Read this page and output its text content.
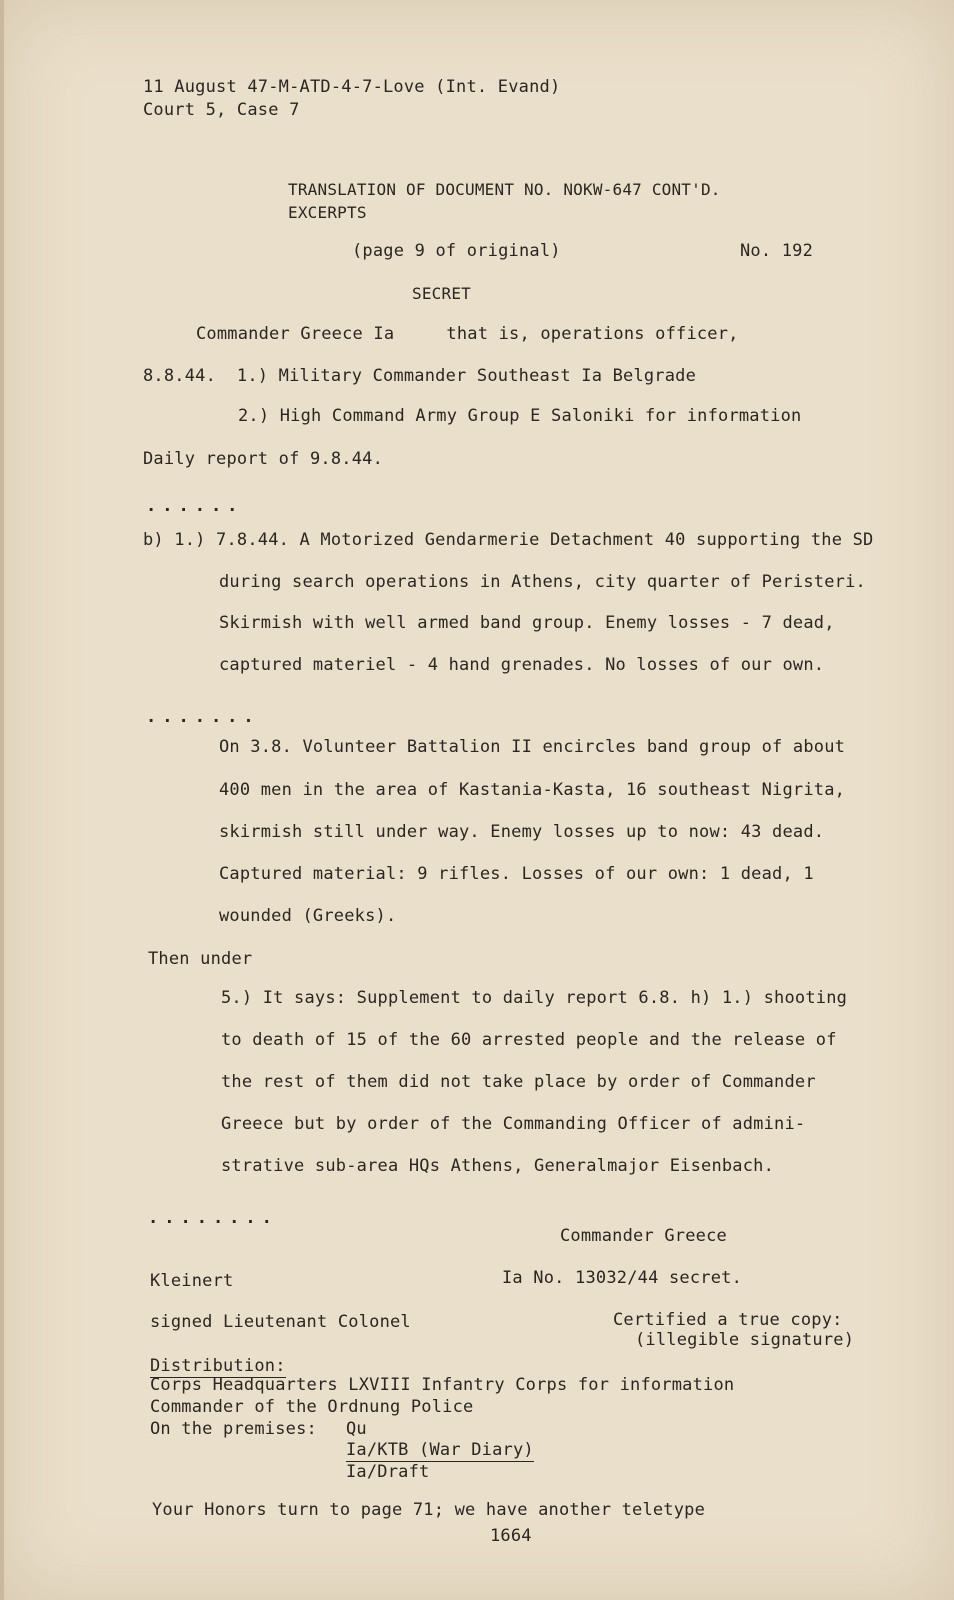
11 August 47-M-ATD-4-7-Love (Int. Evand)
Court 5, Case 7
TRANSLATION OF DOCUMENT NO. NOKW-647 CONT'D.
EXCERPTS
(page 9 of original)	No. 192
SECRET
Commander Greece Ia     that is, operations officer,
8.8.44.  1.) Military Commander Southeast Ia Belgrade
2.) High Command Army Group E Saloniki for information
Daily report of 9.8.44.
......
b) 1.) 7.8.44. A Motorized Gendarmerie Detachment 40 supporting the SD
during search operations in Athens, city quarter of Peristeri.
Skirmish with well armed band group. Enemy losses - 7 dead,
captured materiel - 4 hand grenades. No losses of our own.
.......
On 3.8. Volunteer Battalion II encircles band group of about
400 men in the area of Kastania-Kasta, 16 southeast Nigrita,
skirmish still under way. Enemy losses up to now: 43 dead.
Captured material: 9 rifles. Losses of our own: 1 dead, 1
wounded (Greeks).
Then under
5.) It says: Supplement to daily report 6.8. h) 1.) shooting
to death of 15 of the 60 arrested people and the release of
the rest of them did not take place by order of Commander
Greece but by order of the Commanding Officer of admini-
strative sub-area HQs Athens, Generalmajor Eisenbach.
........
Commander Greece
Kleinert	Ia No. 13032/44 secret.
signed Lieutenant Colonel	Certified a true copy:
(illegible signature)
Distribution:
Corps Headquarters LXVIII Infantry Corps for information
Commander of the Ordnung Police
On the premises: Qu
Ia/KTB (War Diary)
Ia/Draft
Your Honors turn to page 71; we have another teletype
1664
